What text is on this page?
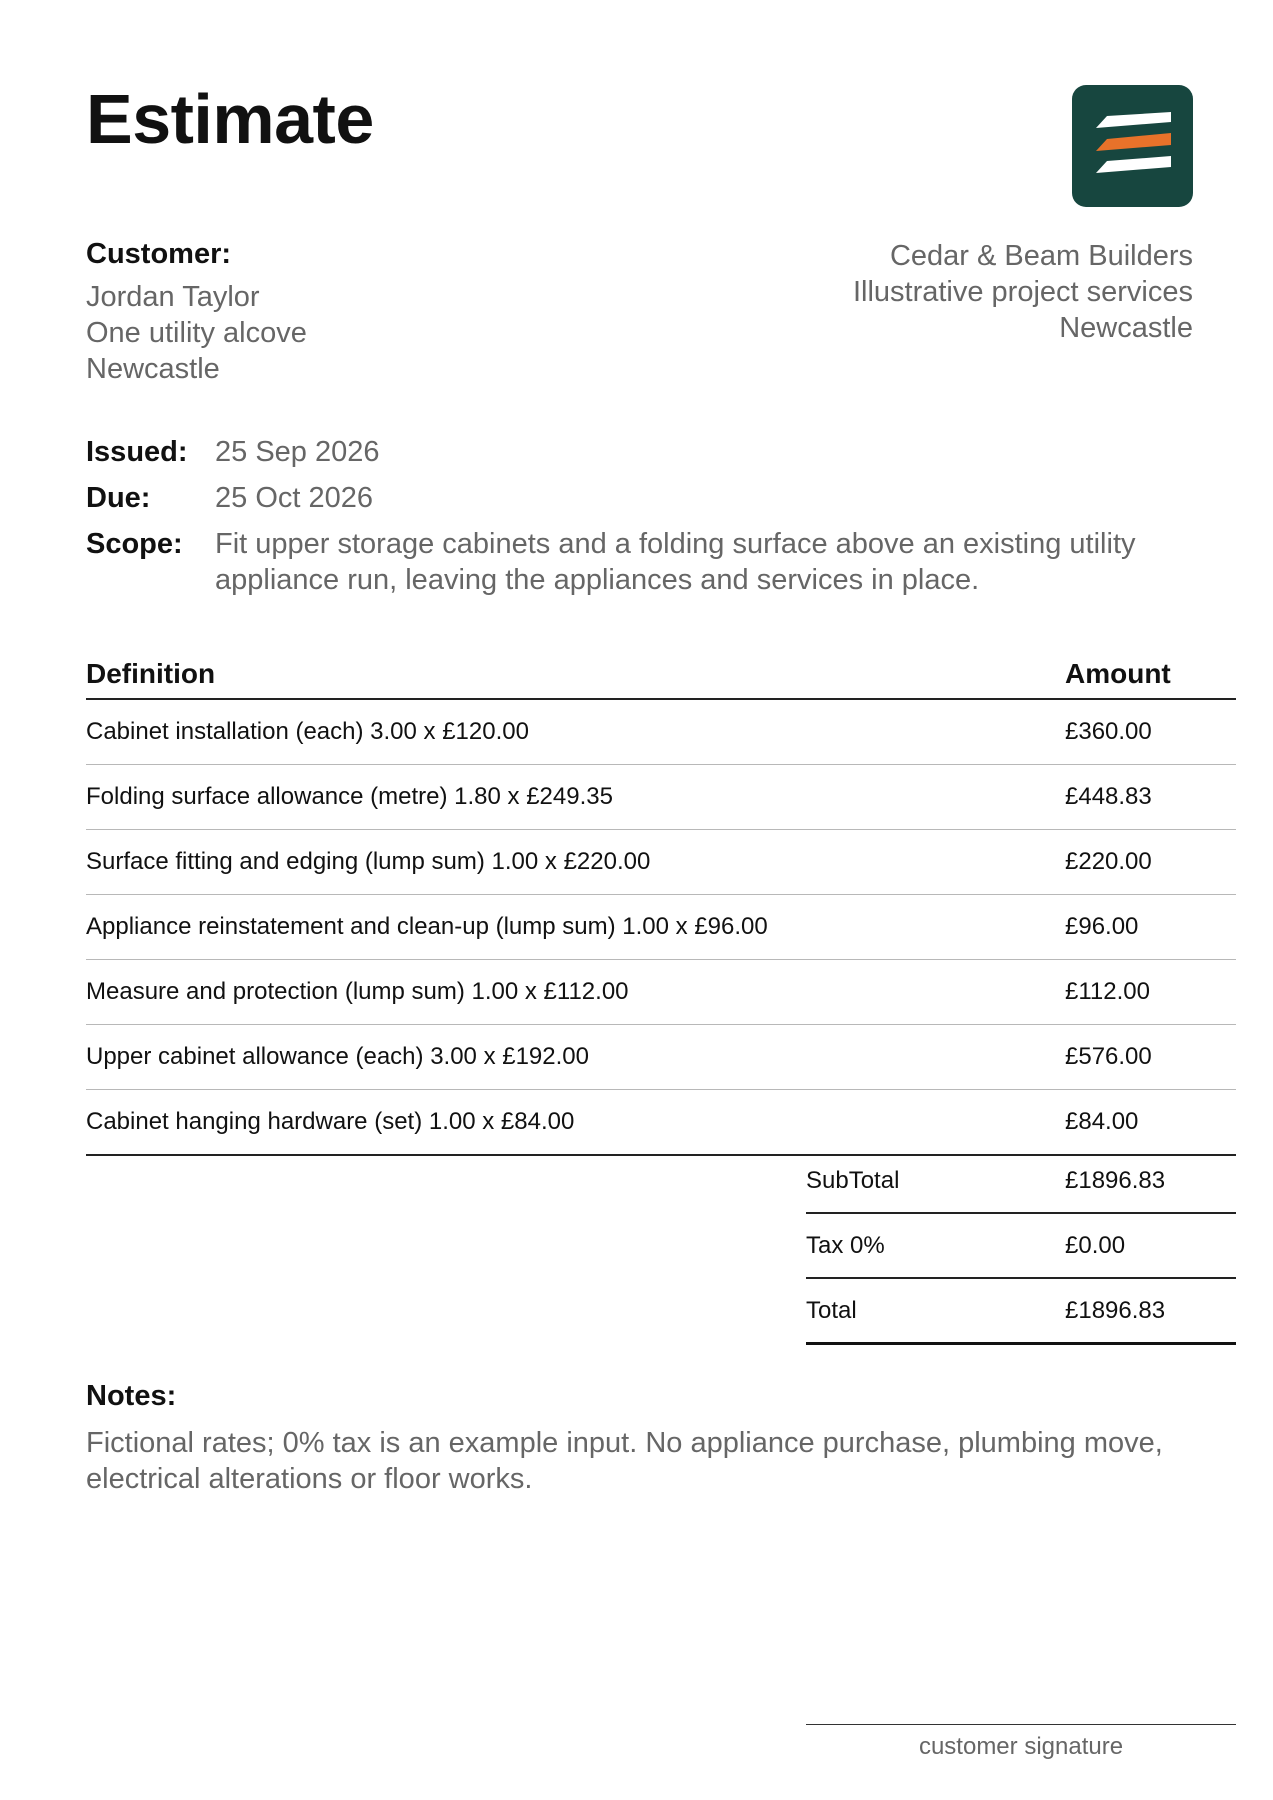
Estimate
Customer:
Jordan Taylor
One utility alcove
Newcastle
Cedar & Beam Builders
Illustrative project services
Newcastle
Issued: 25 Sep 2026
Due:	25 Oct 2026
Scope:	Fit upper storage cabinets and a folding surface above an existing utility appliance run, leaving the appliances and services in place.
Definition	Amount
Cabinet installation (each) 3.00 x £120.00	£360.00
Folding surface allowance (metre) 1.80 x £249.35	£448.83
Surface fitting and edging (lump sum) 1.00 x £220.00	£220.00
Appliance reinstatement and clean-up (lump sum) 1.00 x £96.00	£96.00
Measure and protection (lump sum) 1.00 x £112.00	£112.00
Upper cabinet allowance (each) 3.00 x £192.00	£576.00
Cabinet hanging hardware (set) 1.00 x £84.00	£84.00
SubTotal	£1896.83
Tax 0%	£0.00
Total	£1896.83
Notes:
Fictional rates; 0% tax is an example input. No appliance purchase, plumbing move, electrical alterations or floor works.
customer signature
